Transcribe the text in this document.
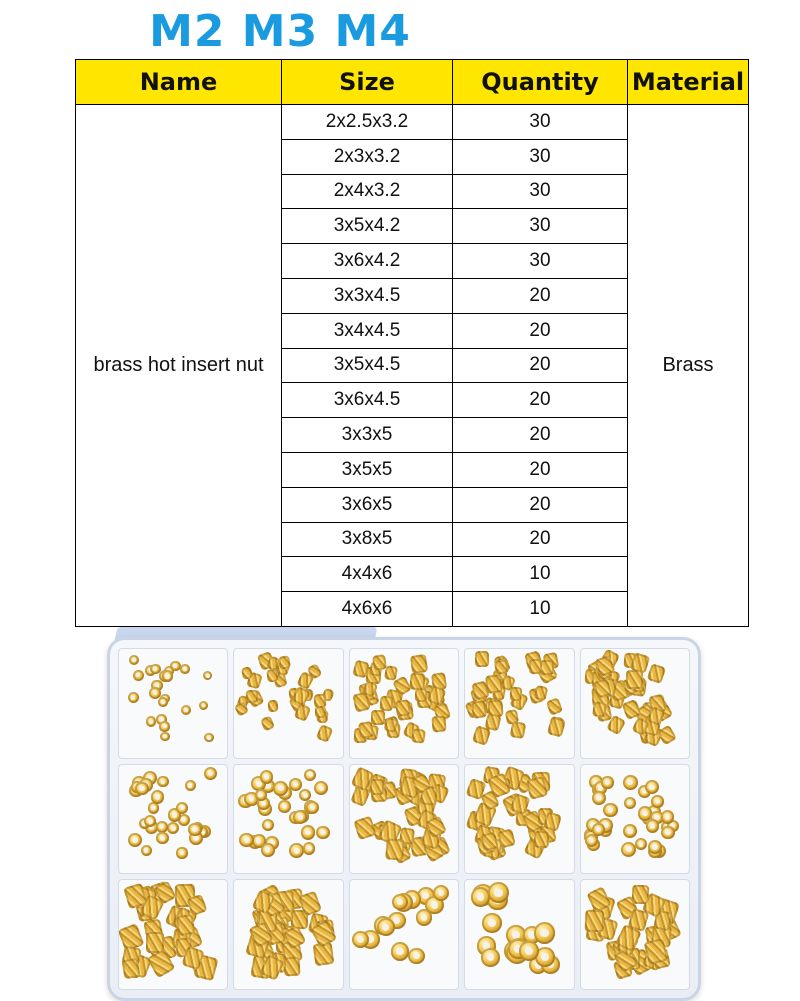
M2 M3 M4
Name	Size	Quantity	Material
brass hot insert nut	2x2.5x3.2	30	Brass
	2x3x3.2	30	
	2x4x3.2	30	
	3x5x4.2	30	
	3x6x4.2	30	
	3x3x4.5	20	
	3x4x4.5	20	
	3x5x4.5	20	
	3x6x4.5	20	
	3x3x5	20	
	3x5x5	20	
	3x6x5	20	
	3x8x5	20	
	4x4x6	10	
	4x6x6	10	
